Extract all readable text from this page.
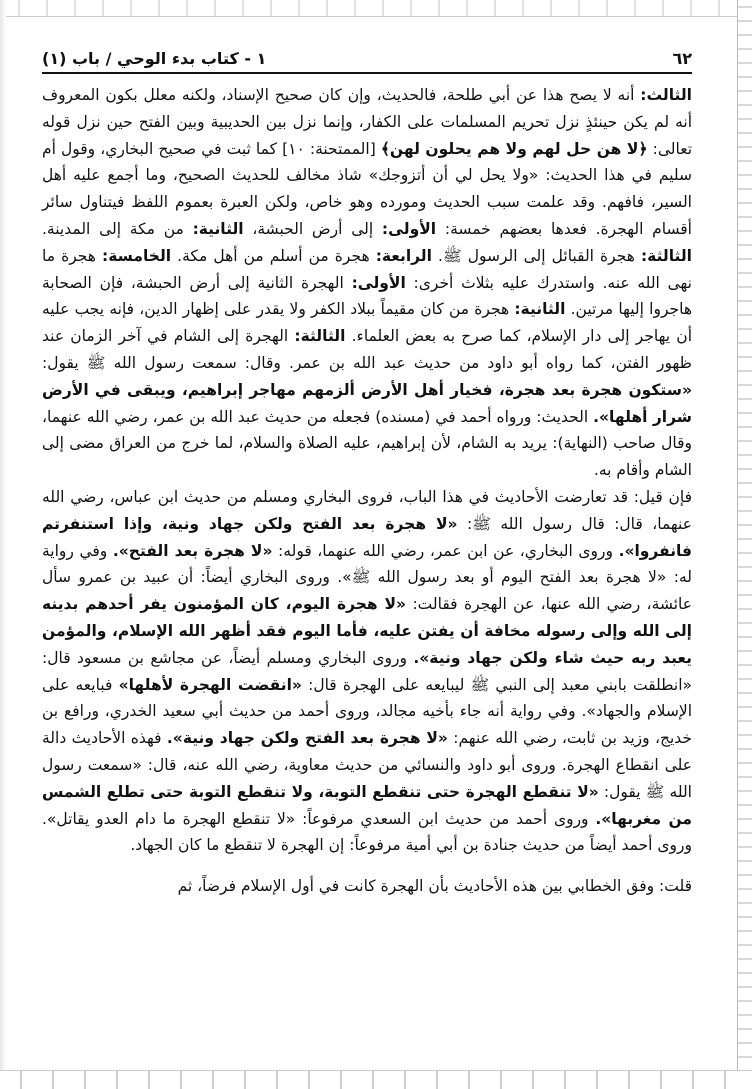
٦٢
١ - كتاب بدء الوحي / باب (١)

الثالث: أنه لا يصح هذا عن أبي طلحة، فالحديث، وإن كان صحيح الإسناد، ولكنه معلل بكون المعروف أنه لم يكن حينئذٍ نزل تحريم المسلمات على الكفار، وإنما نزل بين الحديبية وبين الفتح حين نزل قوله تعالى: ﴿لا هن حل لهم ولا هم يحلون لهن﴾ [الممتحنة: ١٠] كما ثبت في صحيح البخاري، وقول أم سليم في هذا الحديث: «ولا يحل لي أن أتزوجك» شاذ مخالف للحديث الصحيح، وما أجمع عليه أهل السير، فافهم. وقد علمت سبب الحديث ومورده وهو خاص، ولكن العبرة بعموم اللفظ فيتناول سائر أقسام الهجرة. فعدها بعضهم خمسة: الأولى: إلى أرض الحبشة، الثانية: من مكة إلى المدينة. الثالثة: هجرة القبائل إلى الرسول ﷺ. الرابعة: هجرة من أسلم من أهل مكة. الخامسة: هجرة ما نهى الله عنه. واستدرك عليه بثلاث أخرى: الأولى: الهجرة الثانية إلى أرض الحبشة، فإن الصحابة هاجروا إليها مرتين. الثانية: هجرة من كان مقيماً ببلاد الكفر ولا يقدر على إظهار الدين، فإنه يجب عليه أن يهاجر إلى دار الإسلام، كما صرح به بعض العلماء. الثالثة: الهجرة إلى الشام في آخر الزمان عند ظهور الفتن، كما رواه أبو داود من حديث عبد الله بن عمر. وقال: سمعت رسول الله ﷺ يقول: «ستكون هجرة بعد هجرة، فخيار أهل الأرض ألزمهم مهاجر إبراهيم، ويبقى في الأرض شرار أهلها». الحديث: ورواه أحمد في (مسنده) فجعله من حديث عبد الله بن عمر، رضي الله عنهما، وقال صاحب (النهاية): يريد به الشام، لأن إبراهيم، عليه الصلاة والسلام، لما خرج من العراق مضى إلى الشام وأقام به.

فإن قيل: قد تعارضت الأحاديث في هذا الباب، فروى البخاري ومسلم من حديث ابن عباس، رضي الله عنهما، قال: قال رسول الله ﷺ: «لا هجرة بعد الفتح ولكن جهاد ونية، وإذا استنفرتم فانفروا». وروى البخاري، عن ابن عمر، رضي الله عنهما، قوله: «لا هجرة بعد الفتح». وفي رواية له: «لا هجرة بعد الفتح اليوم أو بعد رسول الله ﷺ». وروى البخاري أيضاً: أن عبيد بن عمرو سأل عائشة، رضي الله عنها، عن الهجرة فقالت: «لا هجرة اليوم، كان المؤمنون يفر أحدهم بدينه إلى الله وإلى رسوله مخافة أن يفتن عليه، فأما اليوم فقد أظهر الله الإسلام، والمؤمن يعبد ربه حيث شاء ولكن جهاد ونية». وروى البخاري ومسلم أيضاً، عن مجاشع بن مسعود قال: «انطلقت بابني معبد إلى النبي ﷺ ليبايعه على الهجرة قال: «انقضت الهجرة لأهلها» فبايعه على الإسلام والجهاد». وفي رواية أنه جاء بأخيه مجالد، وروى أحمد من حديث أبي سعيد الخدري، ورافع بن خديج، وزيد بن ثابت، رضي الله عنهم: «لا هجرة بعد الفتح ولكن جهاد ونية». فهذه الأحاديث دالة على انقطاع الهجرة. وروى أبو داود والنسائي من حديث معاوية، رضي الله عنه، قال: «سمعت رسول الله ﷺ يقول: «لا تنقطع الهجرة حتى تنقطع التوبة، ولا تنقطع التوبة حتى تطلع الشمس من مغربها». وروى أحمد من حديث ابن السعدي مرفوعاً: «لا تنقطع الهجرة ما دام العدو يقاتل». وروى أحمد أيضاً من حديث جنادة بن أبي أمية مرفوعاً: إن الهجرة لا تنقطع ما كان الجهاد.

قلت: وفق الخطابي بين هذه الأحاديث بأن الهجرة كانت في أول الإسلام فرضاً، ثم
